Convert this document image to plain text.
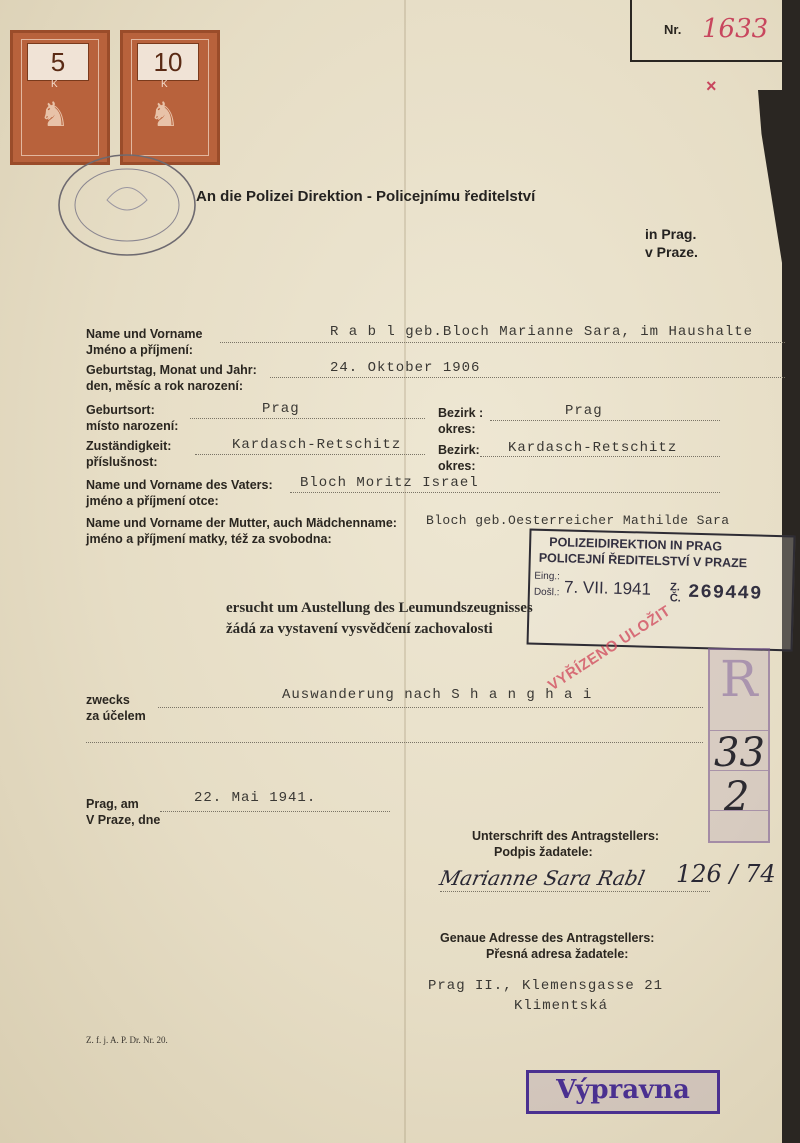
Nr. 1633
×
5
K
♞
10
K
♞
An die Polizei Direktion - Policejnímu ředitelství
in Prag.
v Praze.
Name und Vorname
Jméno a příjmení:
R a b l geb.Bloch Marianne Sara, im Haushalte
Geburtstag, Monat und Jahr:
den, měsíc a rok narození:
24. Oktober 1906
Geburtsort:
místo narození:
Prag	Bezirk :
okres:
Prag
Zuständigkeit:
příslušnost:
Kardasch-Retschitz	Bezirk:
okres:
Kardasch-Retschitz
Name und Vorname des Vaters:
jméno a příjmení otce:
Bloch Moritz Israel
Name und Vorname der Mutter, auch Mädchenname:
jméno a příjmení matky, též za svobodna:
Bloch geb.Oesterreicher Mathilde Sara
POLIZEIDIREKTION IN PRAG
POLICEJNÍ ŘEDITELSTVÍ V PRAZE
Eing.:
Došl.: 7. VII. 1941 Z. Č. 269449
ersucht um Austellung des Leumundszeugnisses
žádá za vystavení vysvědčení zachovalosti	VYŘÍZENO ULOŽIT
zwecks
za účelem
Auswanderung nach S h a n g h a i	R
33
2
Prag, am
V Praze, dne
22. Mai 1941.
Unterschrift des Antragstellers:
Podpis žadatele:
Marianne Sara Rabl 126 / 74
Genaue Adresse des Antragstellers:
Přesná adresa žadatele:
Prag II., Klemensgasse 21
Klimentská
Z. f. j. A. P. Dr. Nr. 20.
Výpravna
